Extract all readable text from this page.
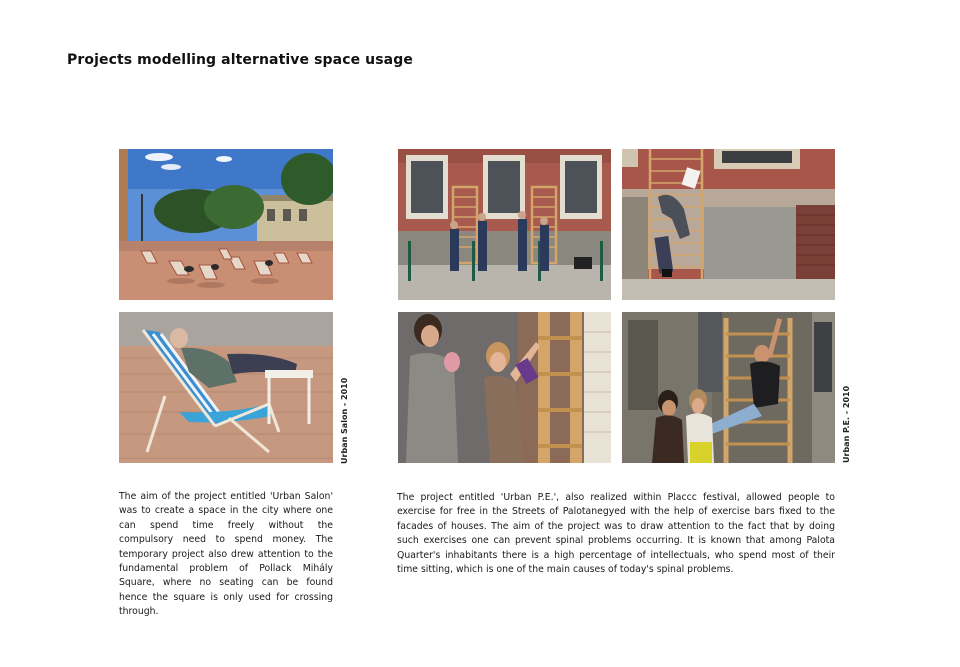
Projects modelling alternative space usage
Urban Salon - 2010	Urban P.E. - 2010

The aim of the project entitled 'Urban Salon' was to create a space in the city where one can spend time freely without the compulsory need to spend money. The temporary project also drew attention to the fundamental problem of Pollack Mihály Square, where no seating can be found hence the square is only used for crossing through.

The project entitled 'Urban P.E.', also realized within Placcc festival, allowed people to exercise for free in the Streets of Palotanegyed with the help of exercise bars fixed to the facades of houses. The aim of the project was to draw attention to the fact that by doing such exercises one can prevent spinal problems occurring. It is known that among Palota Quarter's inhabitants there is a high percentage of intellectuals, who spend most of their time sitting, which is one of the main causes of today's spinal problems.
